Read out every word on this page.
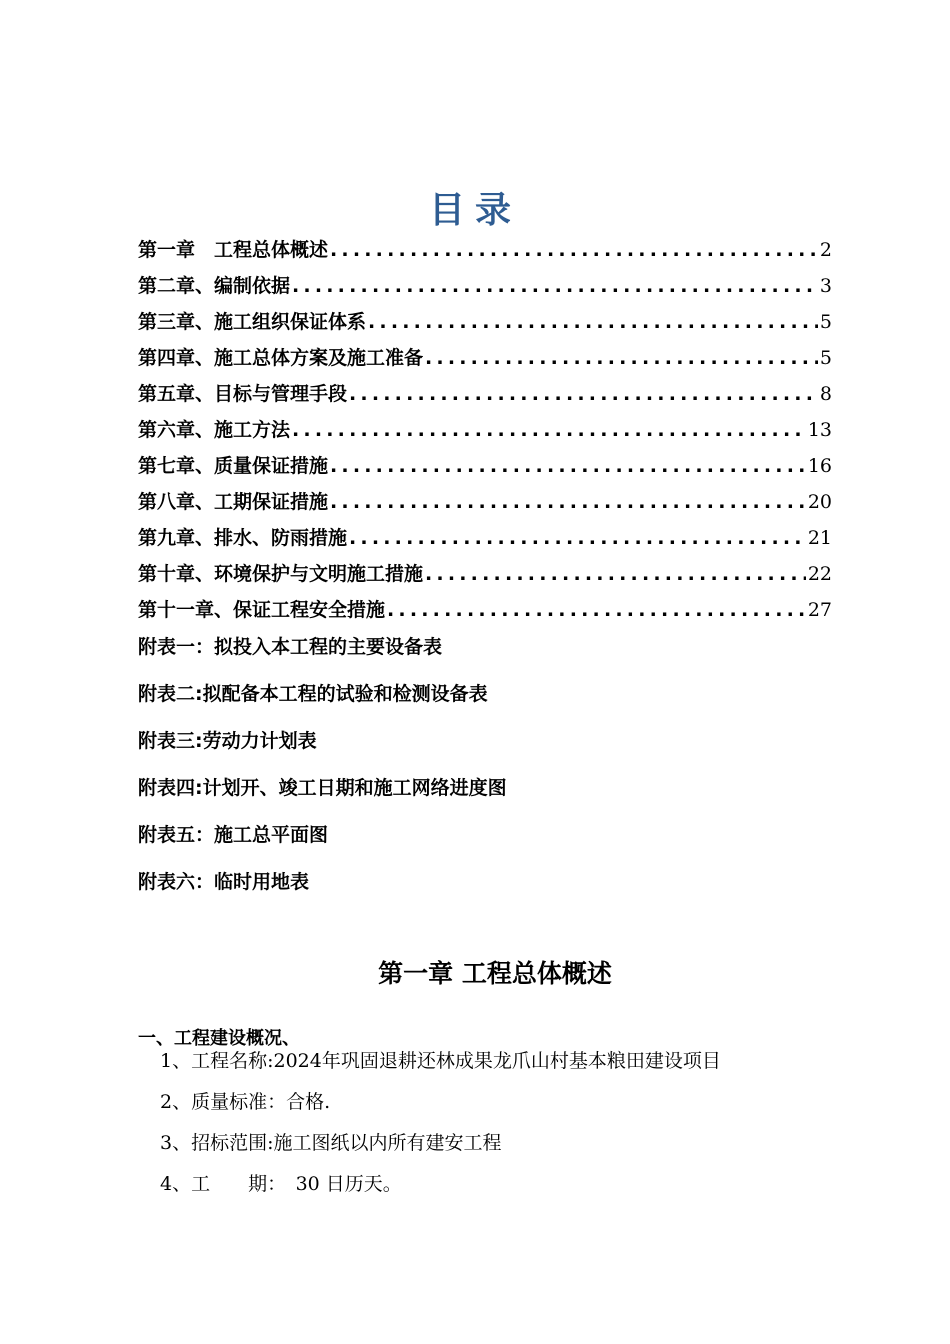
目录
第一章　工程总体概述 .....	2
第二章、编制依据 .....	3
第三章、施工组织保证体系 .....	5
第四章、施工总体方案及施工准备 .....	5
第五章、目标与管理手段 .....	8
第六章、施工方法 .....	13
第七章、质量保证措施 .....	16
第八章、工期保证措施 .....	20
第九章、排水、防雨措施 .....	21
第十章、环境保护与文明施工措施 .....	22
第十一章、保证工程安全措施 .....	27
附表一：拟投入本工程的主要设备表
附表二:拟配备本工程的试验和检测设备表
附表三:劳动力计划表
附表四:计划开、竣工日期和施工网络进度图
附表五：施工总平面图
附表六：临时用地表
第一章 工程总体概述
一、工程建设概况、
1、工程名称:2024年巩固退耕还林成果龙爪山村基本粮田建设项目
2、质量标准：合格.
3、招标范围:施工图纸以内所有建安工程
4、工　　期：　30 日历天。
